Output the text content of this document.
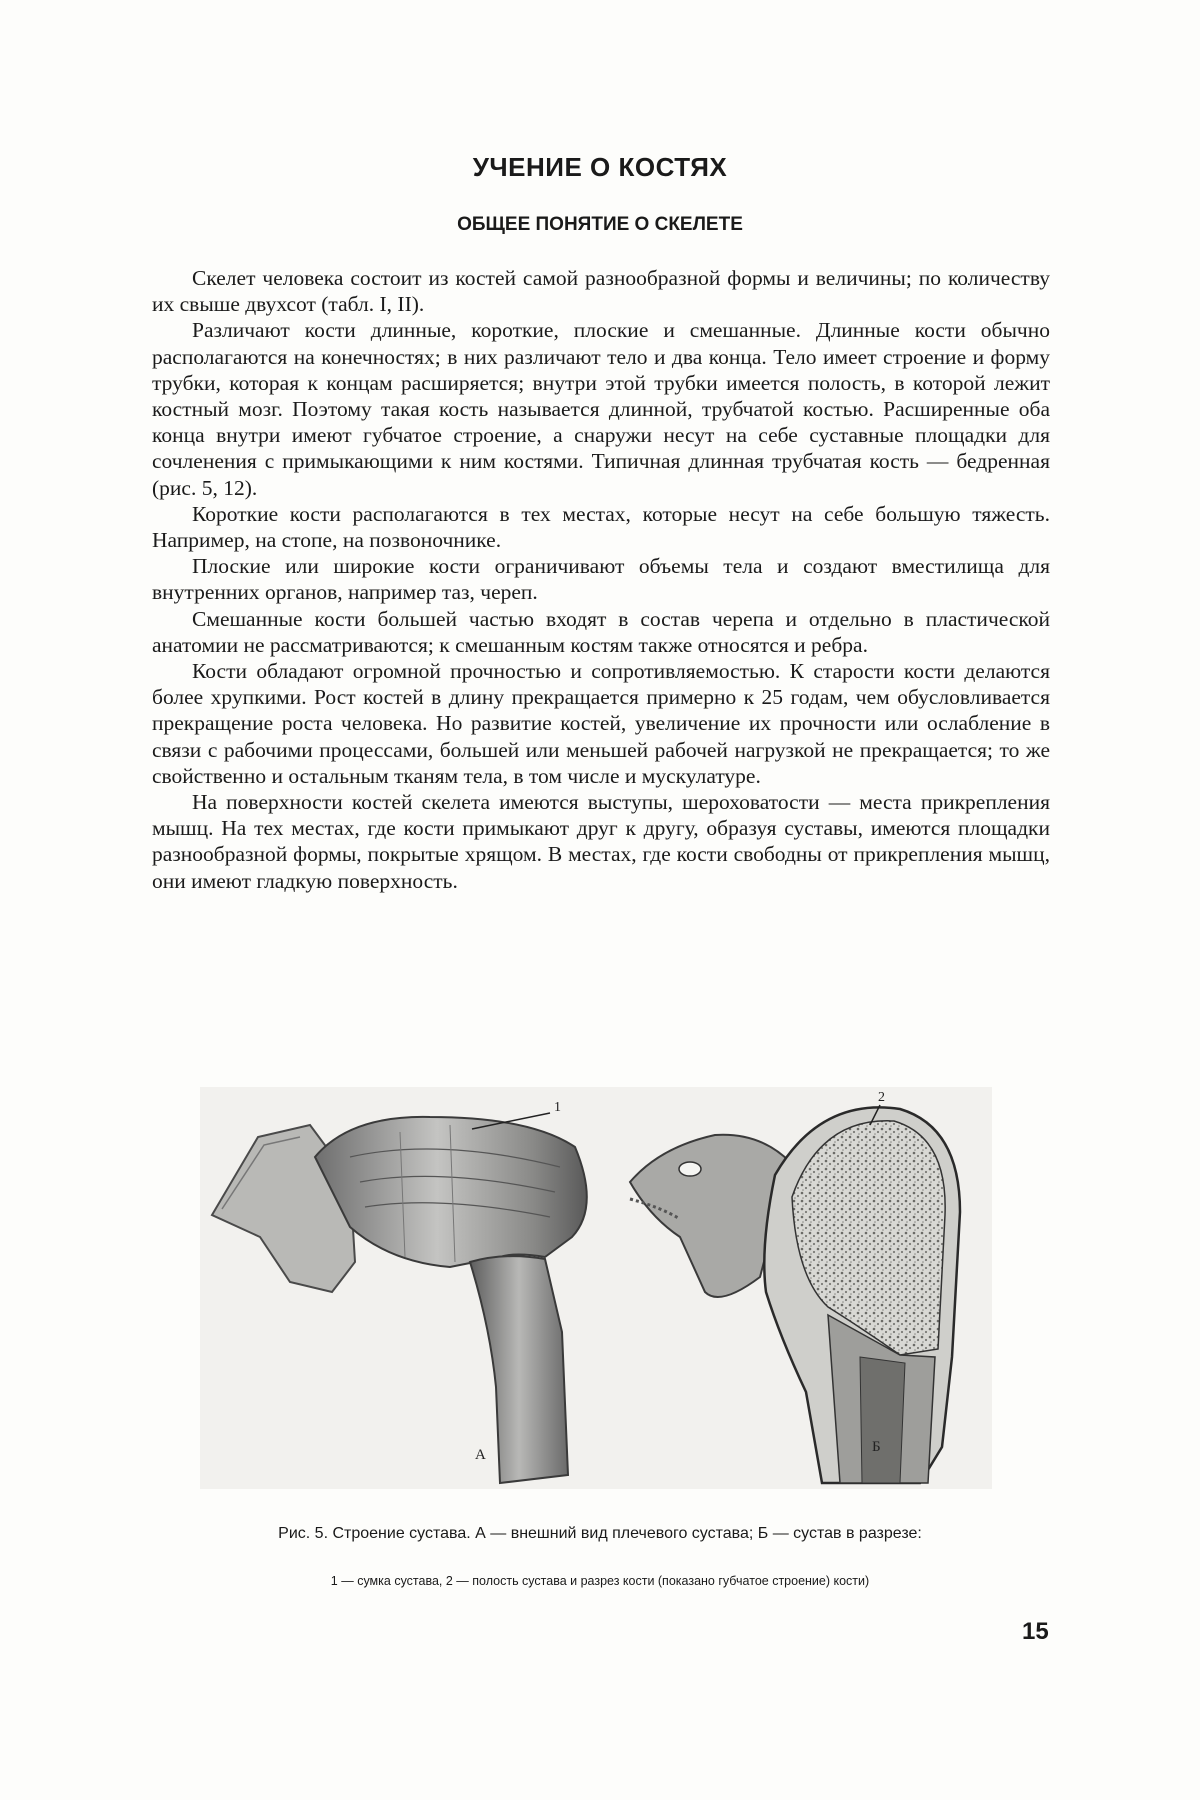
УЧЕНИЕ О КОСТЯХ
ОБЩЕЕ ПОНЯТИЕ О СКЕЛЕТЕ

Скелет человека состоит из костей самой разнообразной формы и величины; по количеству их свыше двухсот (табл. I, II).

Различают кости длинные, короткие, плоские и смешанные. Длинные кости обычно располагаются на конечностях; в них различают тело и два конца. Тело имеет строение и форму трубки, которая к концам расширяется; внутри этой трубки имеется полость, в которой лежит костный мозг. Поэтому такая кость называется длинной, трубчатой костью. Расширенные оба конца внутри имеют губчатое строение, а снаружи несут на себе суставные площадки для сочленения с примыкающими к ним костями. Типичная длинная трубчатая кость — бедренная (рис. 5, 12).

Короткие кости располагаются в тех местах, которые несут на себе большую тяжесть. Например, на стопе, на позвоночнике.

Плоские или широкие кости ограничивают объемы тела и создают вместилища для внутренних органов, например таз, череп.

Смешанные кости большей частью входят в состав черепа и отдельно в пластической анатомии не рассматриваются; к смешанным костям также относятся и ребра.

Кости обладают огромной прочностью и сопротивляемостью. К старости кости делаются более хрупкими. Рост костей в длину прекращается примерно к 25 годам, чем обусловливается прекращение роста человека. Но развитие костей, увеличение их прочности или ослабление в связи с рабочими процессами, большей или меньшей рабочей нагрузкой не прекращается; то же свойственно и остальным тканям тела, в том числе и мускулатуре.

На поверхности костей скелета имеются выступы, шероховатости — места прикрепления мышц. На тех местах, где кости примыкают друг к другу, образуя суставы, имеются площадки разнообразной формы, покрытые хрящом. В местах, где кости свободны от прикрепления мышц, они имеют гладкую поверхность.

1
2
А	Б

Рис. 5. Строение сустава. А — внешний вид плечевого сустава; Б — сустав в разрезе:

1 — сумка сустава, 2 — полость сустава и разрез кости (показано губчатое строение) кости)

15
